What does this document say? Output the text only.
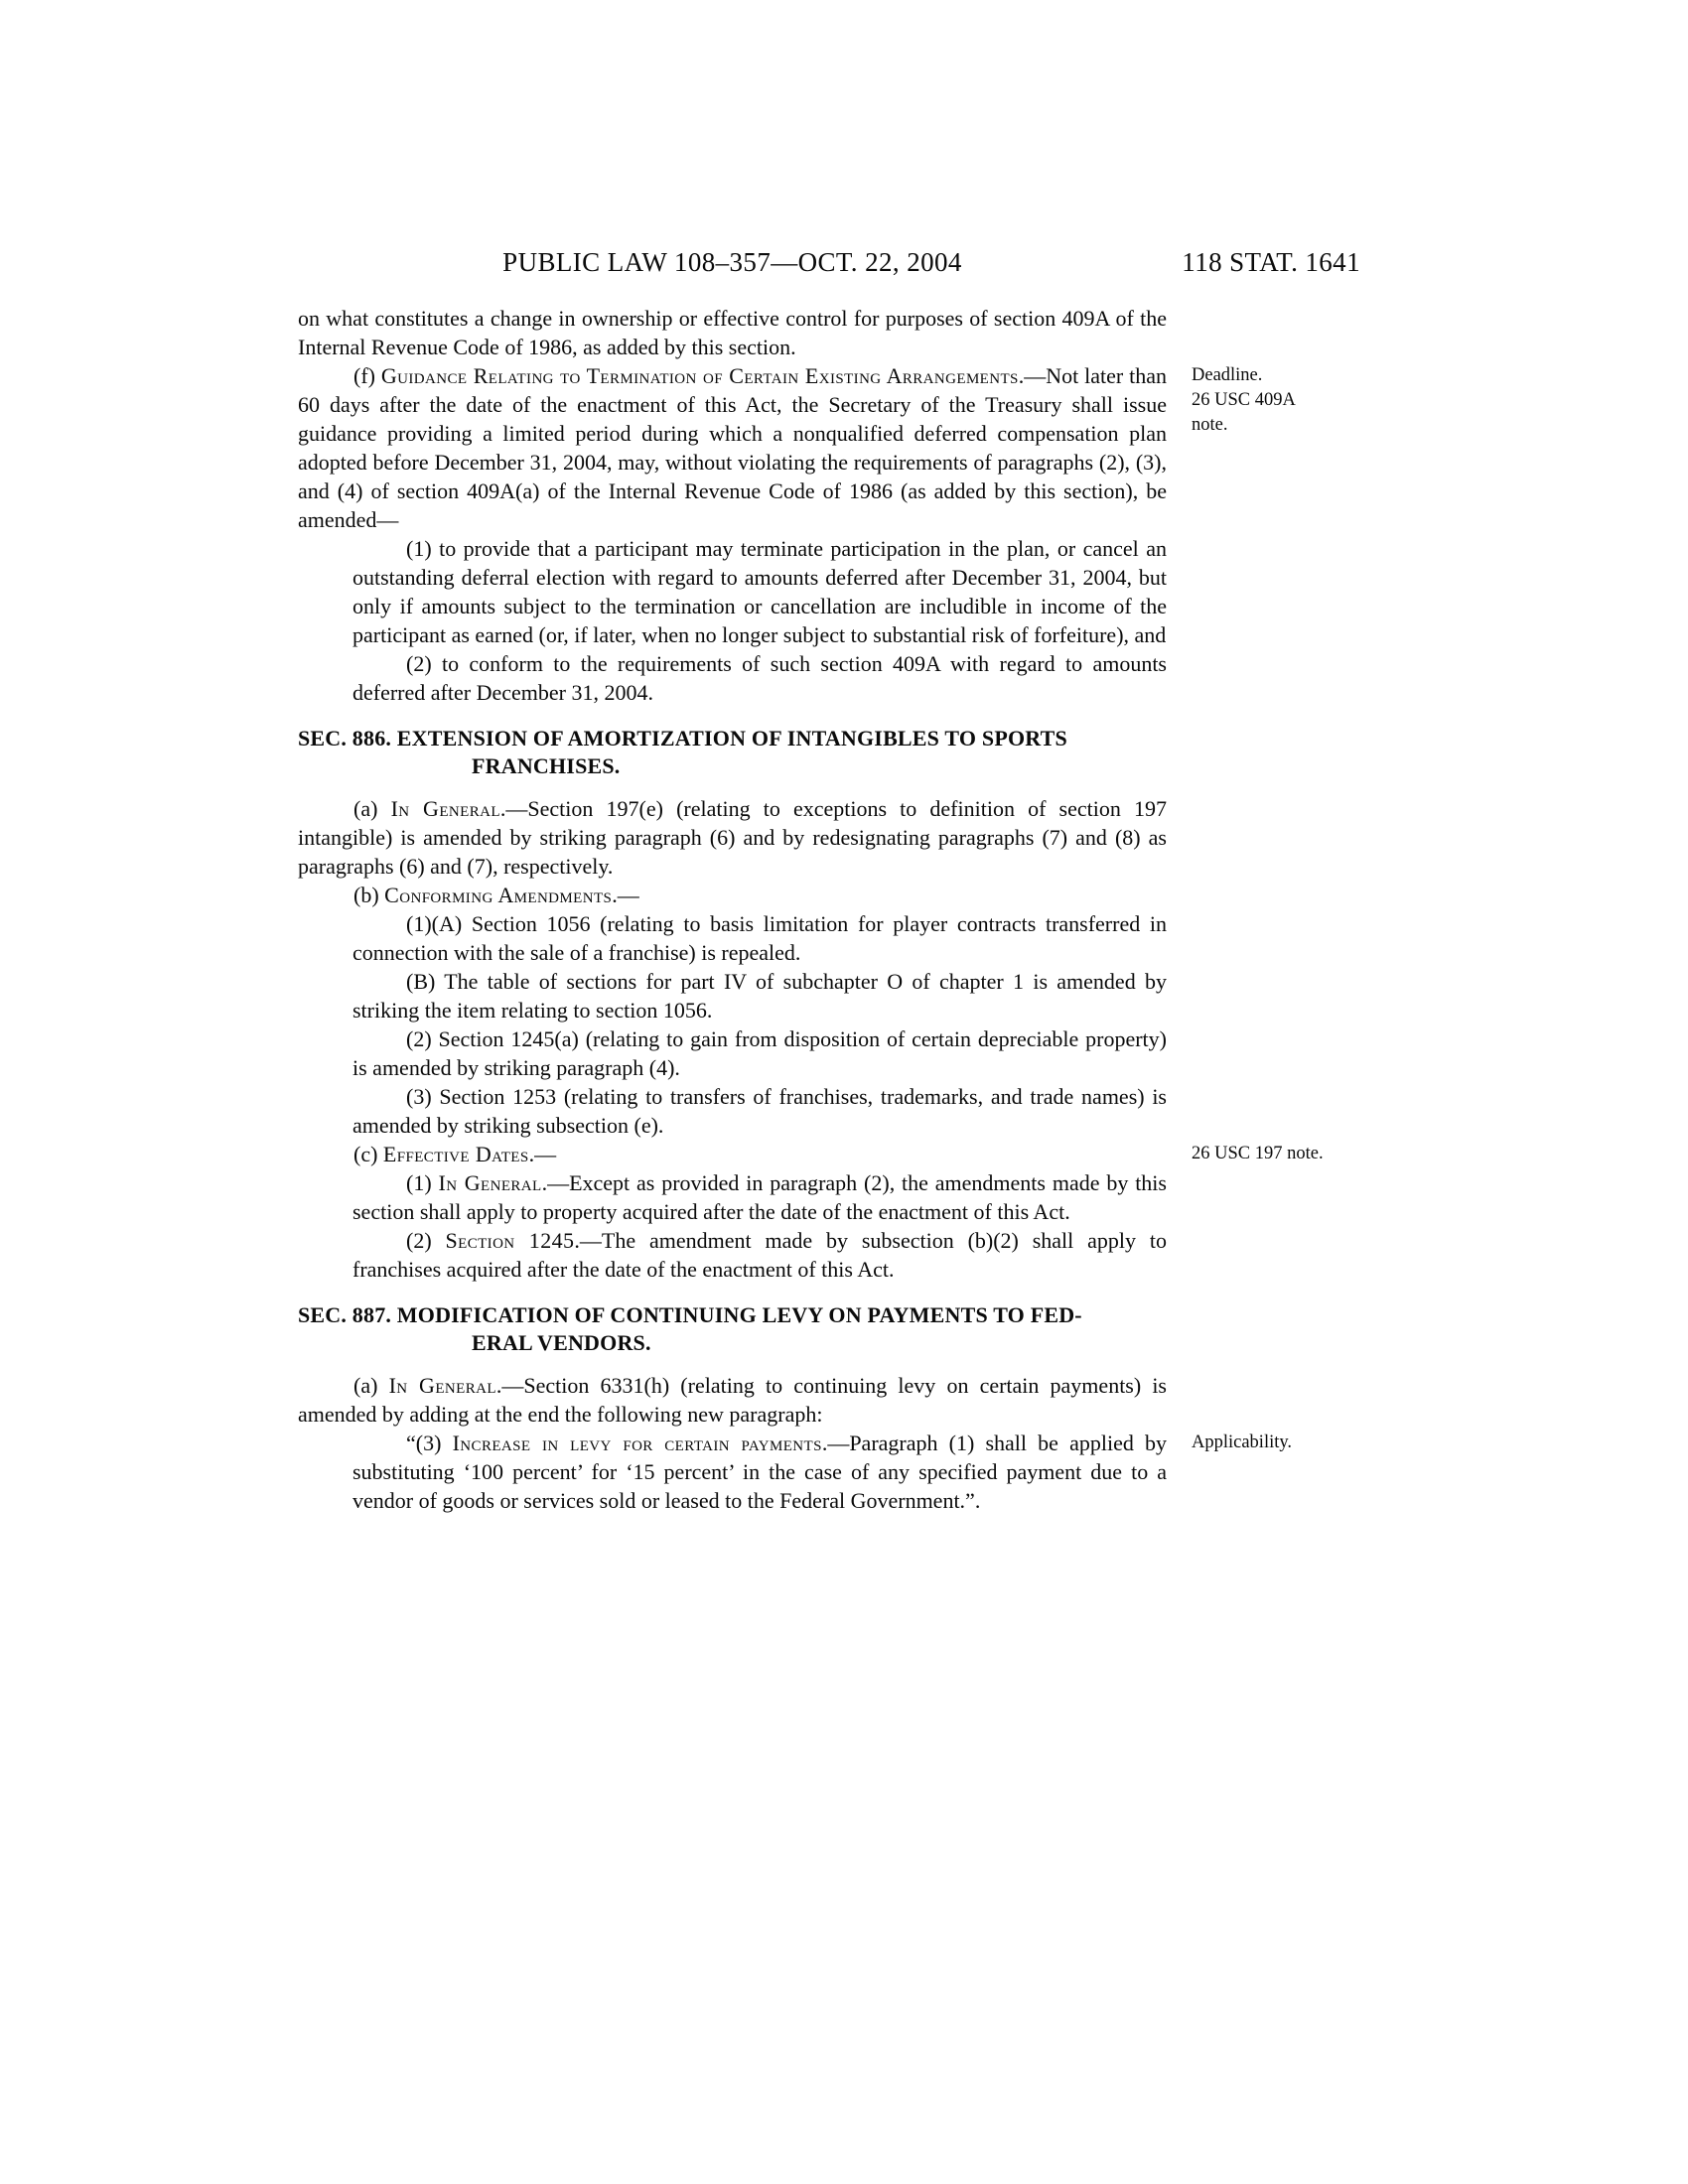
PUBLIC LAW 108–357—OCT. 22, 2004	118 STAT. 1641
on what constitutes a change in ownership or effective control for purposes of section 409A of the Internal Revenue Code of 1986, as added by this section.
(f) Guidance Relating to Termination of Certain Existing Arrangements.—Not later than 60 days after the date of the enactment of this Act, the Secretary of the Treasury shall issue guidance providing a limited period during which a nonqualified deferred compensation plan adopted before December 31, 2004, may, without violating the requirements of paragraphs (2), (3), and (4) of section 409A(a) of the Internal Revenue Code of 1986 (as added by this section), be amended—
Deadline.
26 USC 409A
note.
(1) to provide that a participant may terminate participation in the plan, or cancel an outstanding deferral election with regard to amounts deferred after December 31, 2004, but only if amounts subject to the termination or cancellation are includible in income of the participant as earned (or, if later, when no longer subject to substantial risk of forfeiture), and
(2) to conform to the requirements of such section 409A with regard to amounts deferred after December 31, 2004.
SEC. 886. EXTENSION OF AMORTIZATION OF INTANGIBLES TO SPORTS
FRANCHISES.
(a) In General.—Section 197(e) (relating to exceptions to definition of section 197 intangible) is amended by striking paragraph (6) and by redesignating paragraphs (7) and (8) as paragraphs (6) and (7), respectively.
(b) Conforming Amendments.—
(1)(A) Section 1056 (relating to basis limitation for player contracts transferred in connection with the sale of a franchise) is repealed.
(B) The table of sections for part IV of subchapter O of chapter 1 is amended by striking the item relating to section 1056.
(2) Section 1245(a) (relating to gain from disposition of certain depreciable property) is amended by striking paragraph (4).
(3) Section 1253 (relating to transfers of franchises, trademarks, and trade names) is amended by striking subsection (e).
(c) Effective Dates.—	26 USC 197 note.
(1) In General.—Except as provided in paragraph (2), the amendments made by this section shall apply to property acquired after the date of the enactment of this Act.
(2) Section 1245.—The amendment made by subsection (b)(2) shall apply to franchises acquired after the date of the enactment of this Act.
SEC. 887. MODIFICATION OF CONTINUING LEVY ON PAYMENTS TO FED-
ERAL VENDORS.
(a) In General.—Section 6331(h) (relating to continuing levy on certain payments) is amended by adding at the end the following new paragraph:
“(3) Increase in levy for certain payments.—Paragraph (1) shall be applied by substituting ‘100 percent’ for ‘15 percent’ in the case of any specified payment due to a vendor of goods or services sold or leased to the Federal Government.”.
Applicability.
